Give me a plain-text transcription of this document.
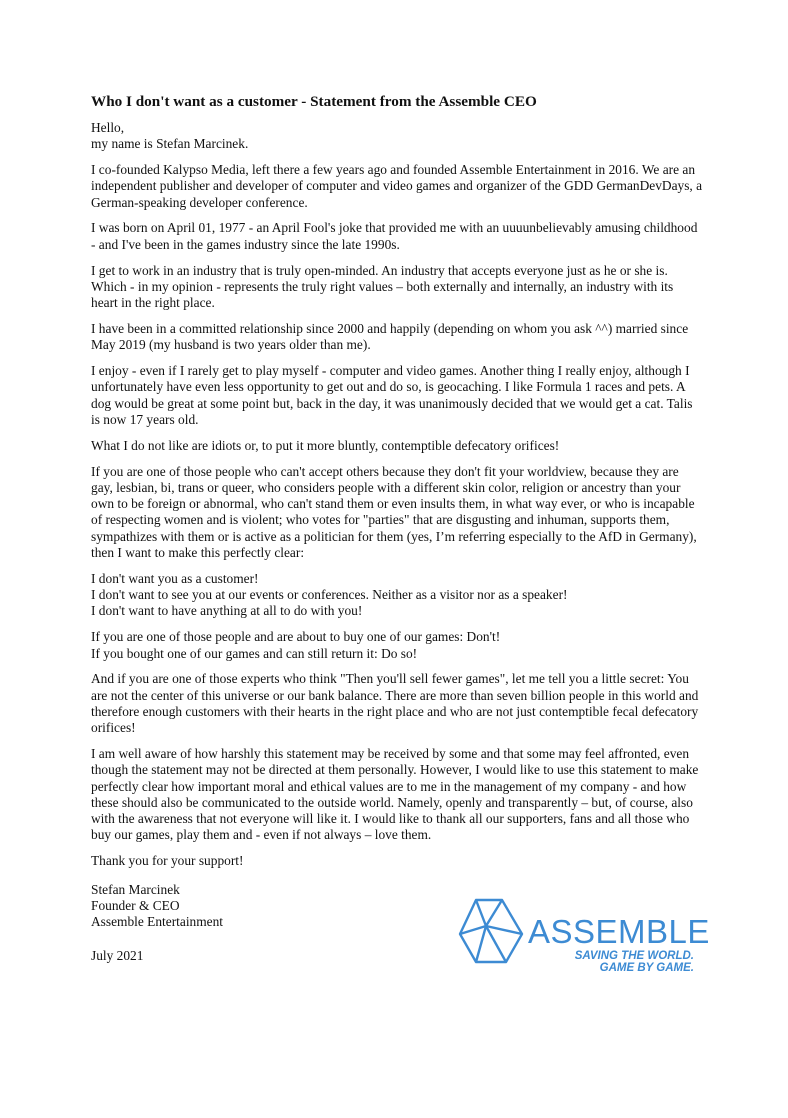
Who I don't want as a customer - Statement from the Assemble CEO

Hello,
my name is Stefan Marcinek.

I co-founded Kalypso Media, left there a few years ago and founded Assemble Entertainment in 2016. We are an independent publisher and developer of computer and video games and organizer of the GDD GermanDevDays, a German-speaking developer conference.

I was born on April 01, 1977 - an April Fool's joke that provided me with an uuuunbelievably amusing childhood - and I've been in the games industry since the late 1990s.

I get to work in an industry that is truly open-minded. An industry that accepts everyone just as he or she is. Which - in my opinion - represents the truly right values – both externally and internally, an industry with its heart in the right place.

I have been in a committed relationship since 2000 and happily (depending on whom you ask ^^) married since May 2019 (my husband is two years older than me).

I enjoy - even if I rarely get to play myself - computer and video games. Another thing I really enjoy, although I unfortunately have even less opportunity to get out and do so, is geocaching. I like Formula 1 races and pets. A dog would be great at some point but, back in the day, it was unanimously decided that we would get a cat. Talis is now 17 years old.

What I do not like are idiots or, to put it more bluntly, contemptible defecatory orifices!

If you are one of those people who can't accept others because they don't fit your worldview, because they are gay, lesbian, bi, trans or queer, who considers people with a different skin color, religion or ancestry than your own to be foreign or abnormal, who can't stand them or even insults them, in what way ever, or who is incapable of respecting women and is violent; who votes for "parties" that are disgusting and inhuman, supports them, sympathizes with them or is active as a politician for them (yes, I’m referring especially to the AfD in Germany), then I want to make this perfectly clear:

I don't want you as a customer!
I don't want to see you at our events or conferences. Neither as a visitor nor as a speaker!
I don't want to have anything at all to do with you!

If you are one of those people and are about to buy one of our games: Don't!
If you bought one of our games and can still return it: Do so!

And if you are one of those experts who think "Then you'll sell fewer games", let me tell you a little secret: You are not the center of this universe or our bank balance. There are more than seven billion people in this world and therefore enough customers with their hearts in the right place and who are not just contemptible fecal defecatory orifices!

I am well aware of how harshly this statement may be received by some and that some may feel affronted, even though the statement may not be directed at them personally. However, I would like to use this statement to make perfectly clear how important moral and ethical values are to me in the management of my company - and how these should also be communicated to the outside world. Namely, openly and transparently – but, of course, also with the awareness that not everyone will like it. I would like to thank all our supporters, fans and all those who buy our games, play them and - even if not always – love them.

Thank you for your support!

Stefan Marcinek
Founder & CEO
Assemble Entertainment
July 2021
ASSEMBLE
SAVING THE WORLD.
GAME BY GAME.
